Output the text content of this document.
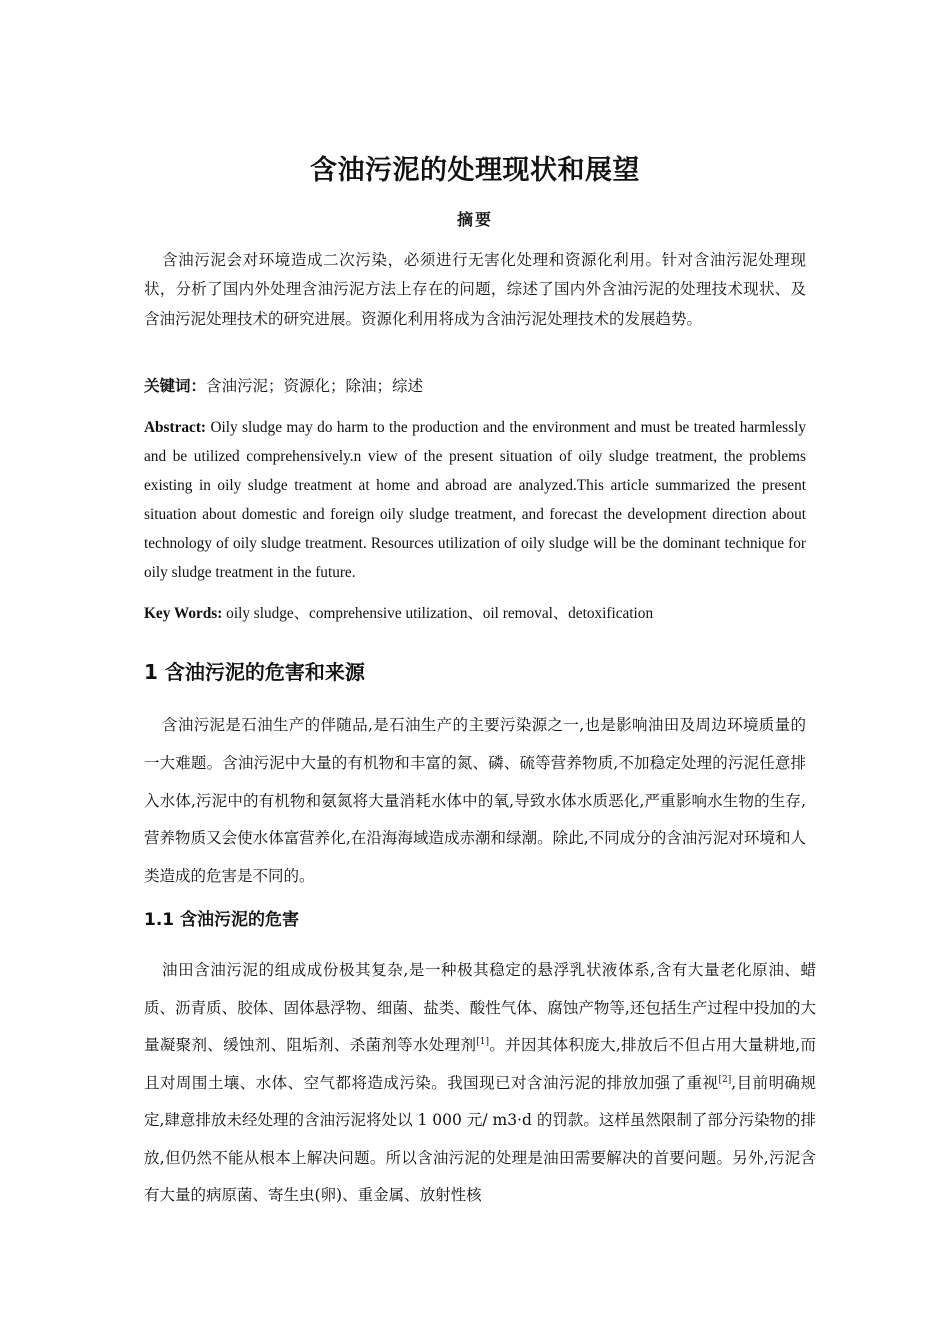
含油污泥的处理现状和展望
摘要
含油污泥会对环境造成二次污染，必须进行无害化处理和资源化利用。针对含油污泥处理现状，分析了国内外处理含油污泥方法上存在的问题，综述了国内外含油污泥的处理技术现状、及含油污泥处理技术的研究进展。资源化利用将成为含油污泥处理技术的发展趋势。
关键词：含油污泥；资源化；除油；综述
Abstract: Oily sludge may do harm to the production and the environment and must be treated harmlessly and be utilized comprehensively.n view of the present situation of oily sludge treatment, the problems existing in oily sludge treatment at home and abroad are analyzed.This article summarized the present situation about domestic and foreign oily sludge treatment, and forecast the development direction about technology of oily sludge treatment. Resources utilization of oily sludge will be the dominant technique for oily sludge treatment in the future.
Key Words: oily sludge、comprehensive utilization、oil removal、detoxification
1 含油污泥的危害和来源
含油污泥是石油生产的伴随品,是石油生产的主要污染源之一,也是影响油田及周边环境质量的一大难题。含油污泥中大量的有机物和丰富的氮、磷、硫等营养物质,不加稳定处理的污泥任意排入水体,污泥中的有机物和氨氮将大量消耗水体中的氧,导致水体水质恶化,严重影响水生物的生存,营养物质又会使水体富营养化,在沿海海域造成赤潮和绿潮。除此,不同成分的含油污泥对环境和人类造成的危害是不同的。
1.1 含油污泥的危害
油田含油污泥的组成成份极其复杂,是一种极其稳定的悬浮乳状液体系,含有大量老化原油、蜡质、沥青质、胶体、固体悬浮物、细菌、盐类、酸性气体、腐蚀产物等,还包括生产过程中投加的大量凝聚剂、缓蚀剂、阻垢剂、杀菌剂等水处理剂[1]。并因其体积庞大,排放后不但占用大量耕地,而且对周围土壤、水体、空气都将造成污染。我国现已对含油污泥的排放加强了重视[2],目前明确规定,肆意排放未经处理的含油污泥将处以 1 000 元/ m3·d 的罚款。这样虽然限制了部分污染物的排放,但仍然不能从根本上解决问题。所以含油污泥的处理是油田需要解决的首要问题。另外,污泥含有大量的病原菌、寄生虫(卵)、重金属、放射性核
